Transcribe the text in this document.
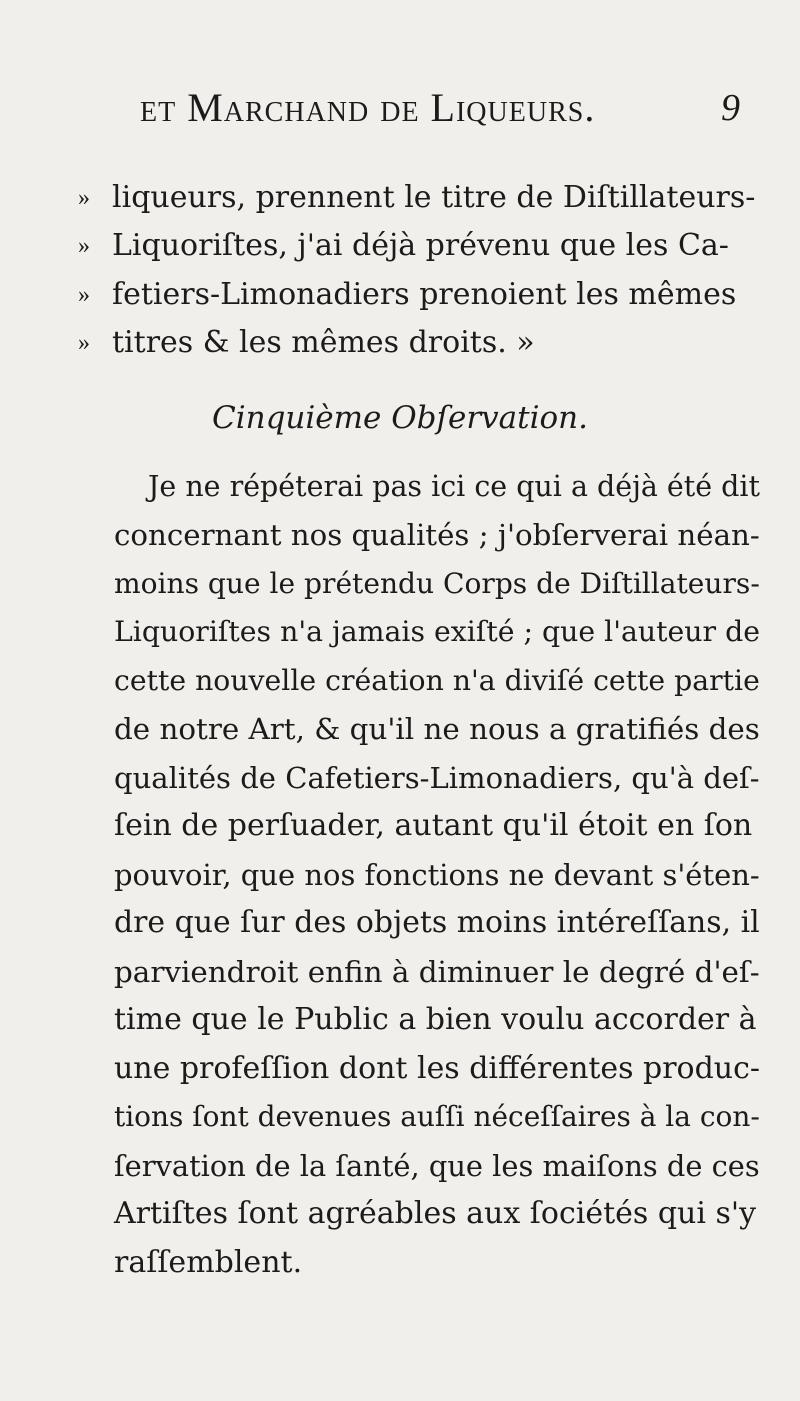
et Marchand de Liqueurs.	9
» liqueurs, prennent le titre de Diſtillateurs-
» Liquoriſtes, j'ai déjà prévenu que les Ca-
» fetiers-Limonadiers prenoient les mêmes
» titres & les mêmes droits. »
Cinquième Obſervation.
Je ne répéterai pas ici ce qui a déjà été dit
concernant nos qualités ; j'obſerverai néan-
moins que le prétendu Corps de Diſtillateurs-
Liquoriſtes n'a jamais exiſté ; que l'auteur de
cette nouvelle création n'a diviſé cette partie
de notre Art, & qu'il ne nous a gratifiés des
qualités de Cafetiers-Limonadiers, qu'à deſ-
ſein de perſuader, autant qu'il étoit en ſon
pouvoir, que nos fonctions ne devant s'éten-
dre que ſur des objets moins intéreſſans, il
parviendroit enfin à diminuer le degré d'eſ-
time que le Public a bien voulu accorder à
une profeſſion dont les différentes produc-
tions ſont devenues auſſi néceſſaires à la con-
ſervation de la ſanté, que les maiſons de ces
Artiſtes ſont agréables aux ſociétés qui s'y
raſſemblent.
